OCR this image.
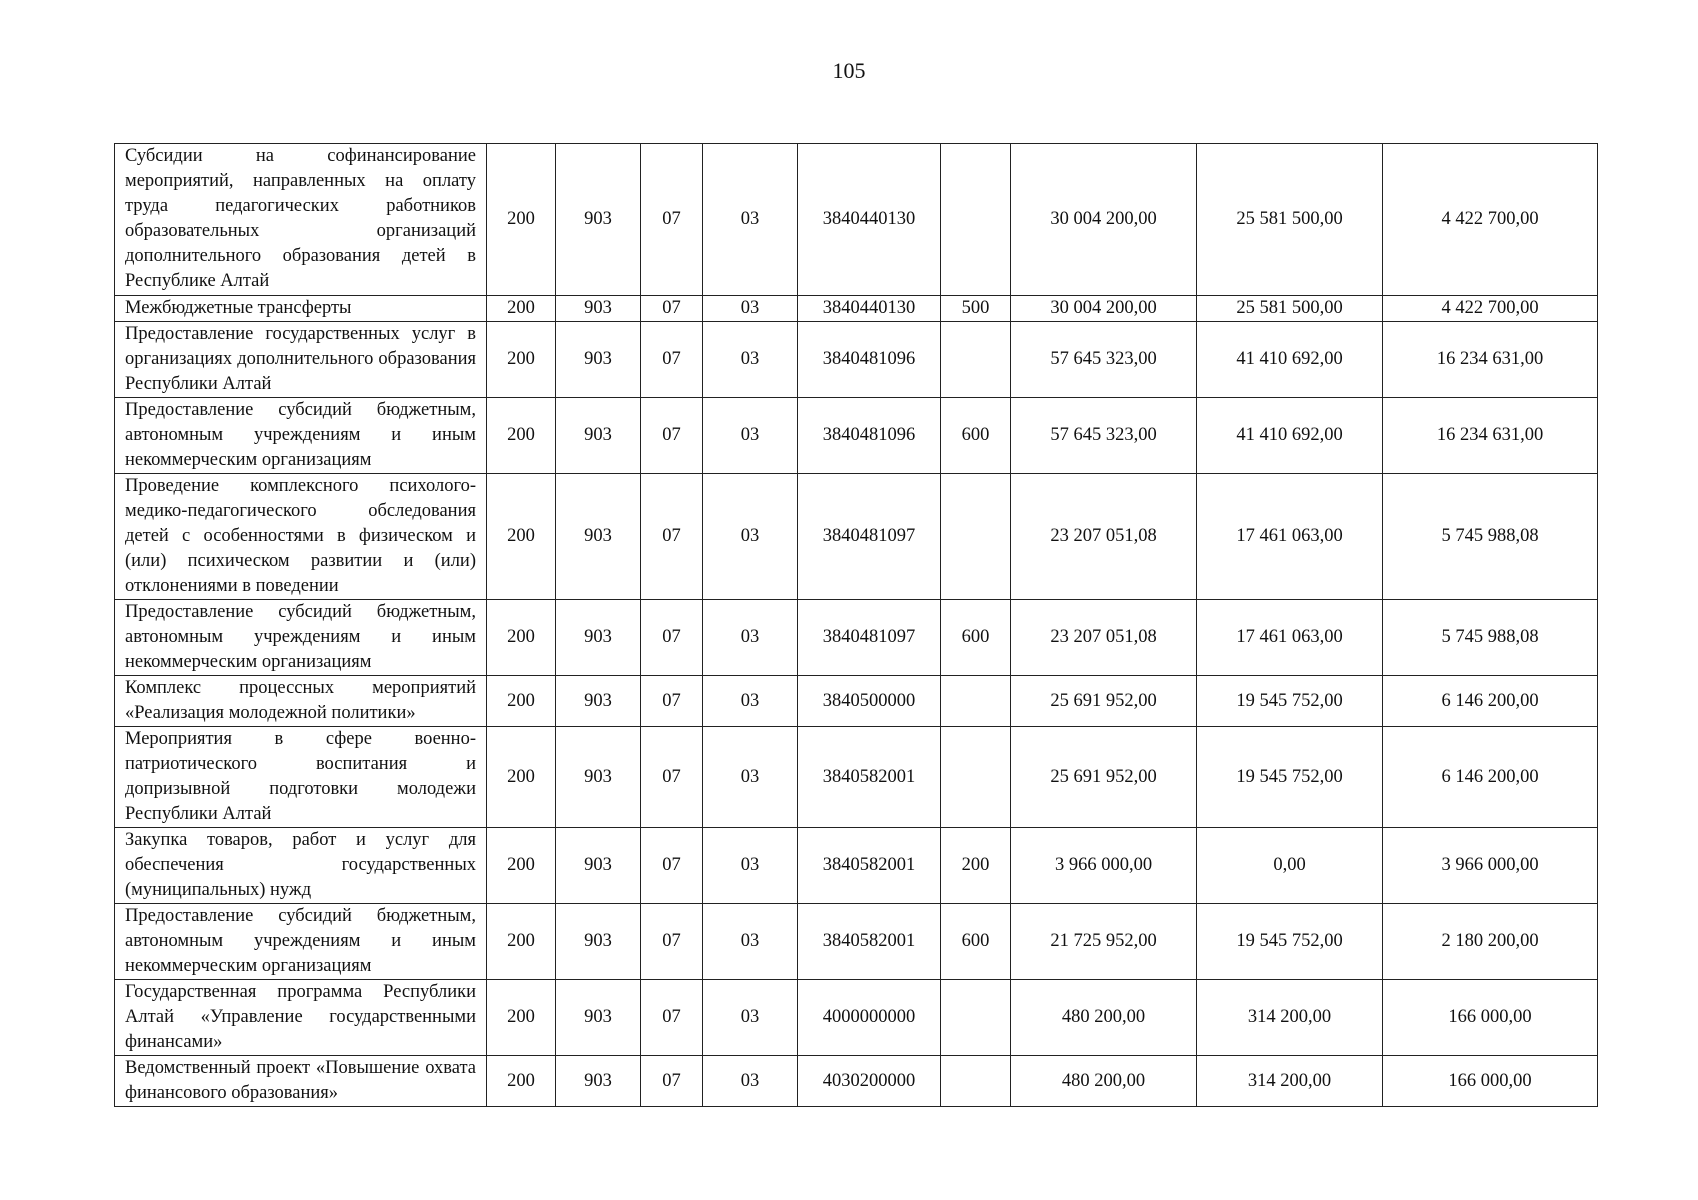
105
Субсидии на софинансирование мероприятий, направленных на оплату труда педагогических работников образовательных организаций дополнительного образования детей в Республике Алтай	200	903	07	03	3840440130		30 004 200,00	25 581 500,00	4 422 700,00

Межбюджетные трансферты	200	903	07	03	3840440130	500	30 004 200,00	25 581 500,00	4 422 700,00

Предоставление государственных услуг в организациях дополнительного образования Республики Алтай	200	903	07	03	3840481096		57 645 323,00	41 410 692,00	16 234 631,00

Предоставление субсидий бюджетным, автономным учреждениям и иным некоммерческим организациям	200	903	07	03	3840481096	600	57 645 323,00	41 410 692,00	16 234 631,00

Проведение комплексного психолого-медико-педагогического обследования детей с особенностями в физическом и (или) психическом развитии и (или) отклонениями в поведении	200	903	07	03	3840481097		23 207 051,08	17 461 063,00	5 745 988,08

Предоставление субсидий бюджетным, автономным учреждениям и иным некоммерческим организациям	200	903	07	03	3840481097	600	23 207 051,08	17 461 063,00	5 745 988,08

Комплекс процессных мероприятий «Реализация молодежной политики»	200	903	07	03	3840500000		25 691 952,00	19 545 752,00	6 146 200,00

Мероприятия в сфере военно-патриотического воспитания и допризывной подготовки молодежи Республики Алтай	200	903	07	03	3840582001		25 691 952,00	19 545 752,00	6 146 200,00

Закупка товаров, работ и услуг для обеспечения государственных (муниципальных) нужд	200	903	07	03	3840582001	200	3 966 000,00	0,00	3 966 000,00

Предоставление субсидий бюджетным, автономным учреждениям и иным некоммерческим организациям	200	903	07	03	3840582001	600	21 725 952,00	19 545 752,00	2 180 200,00

Государственная программа Республики Алтай «Управление государственными финансами»	200	903	07	03	4000000000		480 200,00	314 200,00	166 000,00

Ведомственный проект «Повышение охвата финансового образования»	200	903	07	03	4030200000		480 200,00	314 200,00	166 000,00
